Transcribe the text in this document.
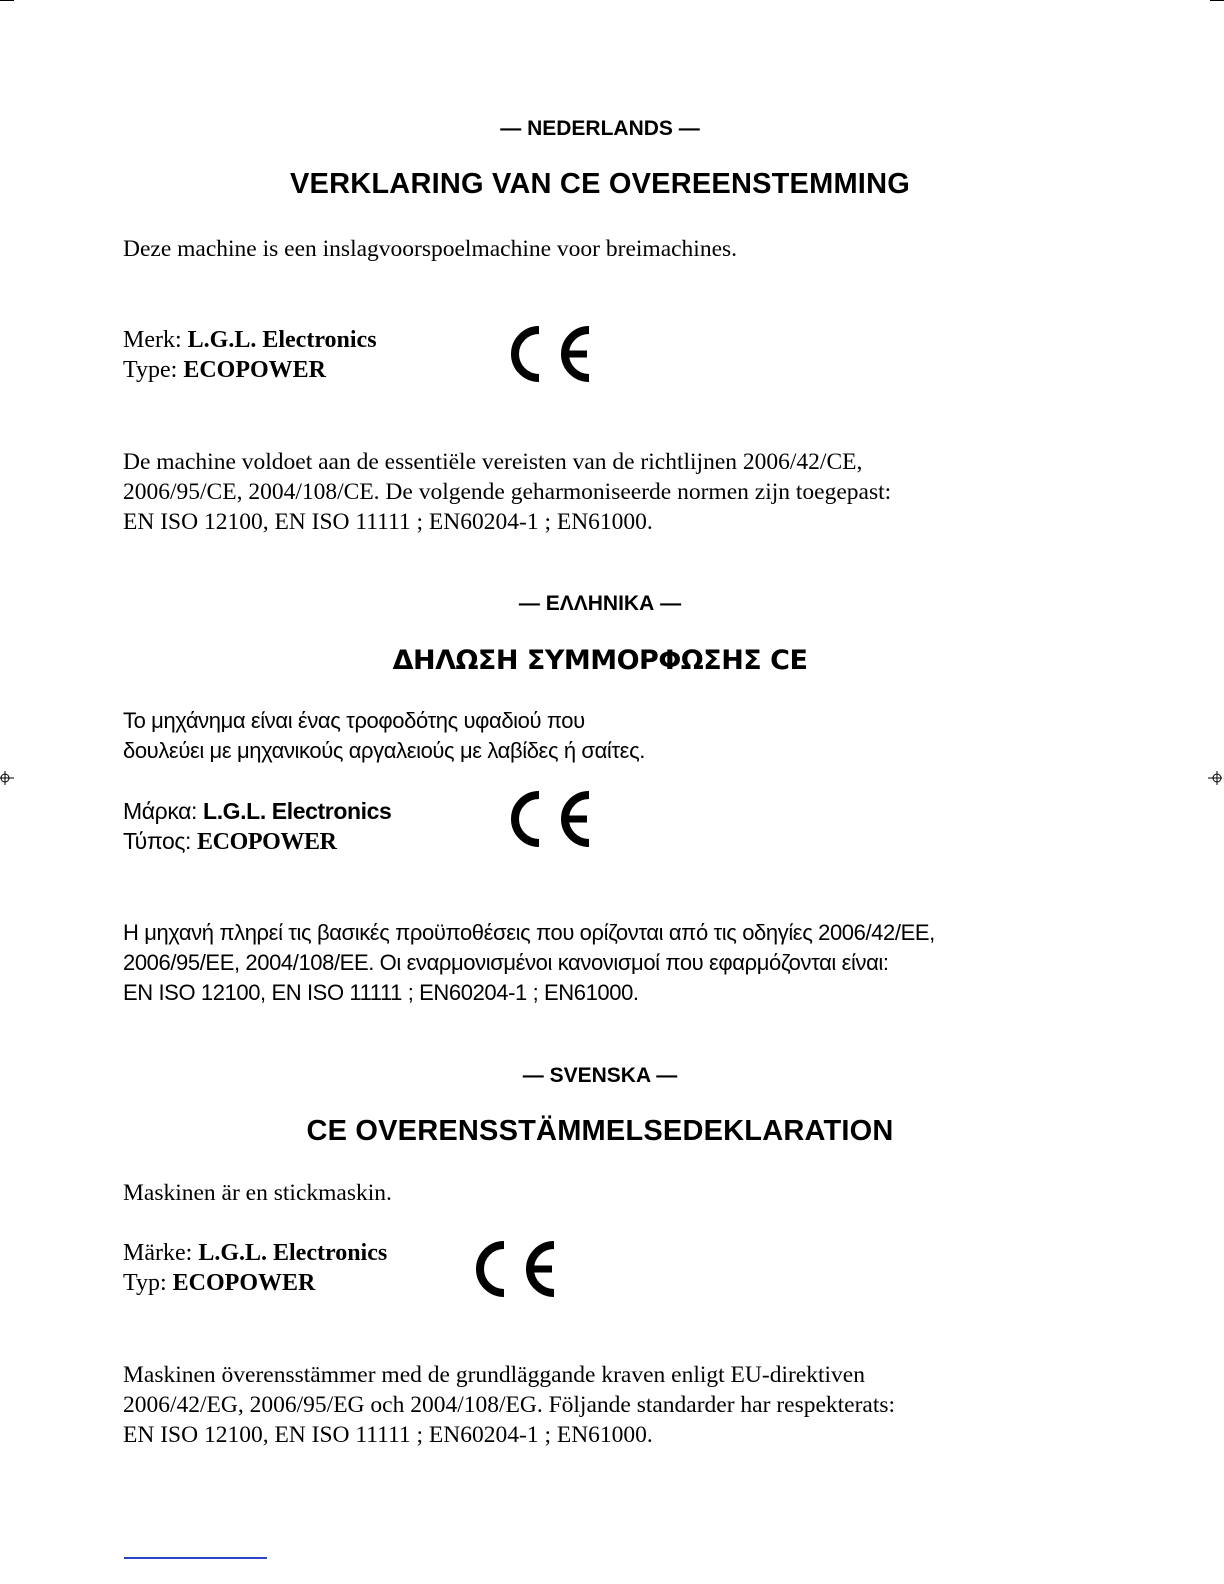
— NEDERLANDS —
VERKLARING VAN CE OVEREENSTEMMING
Deze machine is een inslagvoorspoelmachine voor breimachines.
Merk: L.G.L. Electronics
Type: ECOPOWER
De machine voldoet aan de essentiële vereisten van de richtlijnen 2006/42/CE,
2006/95/CE, 2004/108/CE. De volgende geharmoniseerde normen zijn toegepast:
EN ISO 12100, EN ISO 11111 ; EN60204-1 ; EN61000.
— ΕΛΛΗΝΙΚΑ —
ΔΗΛΩΣΗ ΣΥΜΜΟΡΦΩΣΗΣ CE
Το μηχάνημα είναι ένας τροφοδότης υφαδιού που
δουλεύει με μηχανικούς αργαλειούς με λαβίδες ή σαίτες.
Μάρκα: L.G.L. Electronics
Τύπος: ECOPOWER
Η μηχανή πληρεί τις βασικές προϋποθέσεις που ορίζονται από τις οδηγίες 2006/42/ΕΕ,
2006/95/ΕΕ, 2004/108/ΕΕ. Οι εναρμονισμένοι κανονισμοί που εφαρμόζονται είναι:
EN ISO 12100, EN ISO 11111 ; EN60204-1 ; EN61000.
— SVENSKA —
CE OVERENSSTÄMMELSEDEKLARATION
Maskinen är en stickmaskin.
Märke: L.G.L. Electronics
Typ: ECOPOWER
Maskinen överensstämmer med de grundläggande kraven enligt EU-direktiven
2006/42/EG, 2006/95/EG och 2004/108/EG. Följande standarder har respekterats:
EN ISO 12100, EN ISO 11111 ; EN60204-1 ; EN61000.
